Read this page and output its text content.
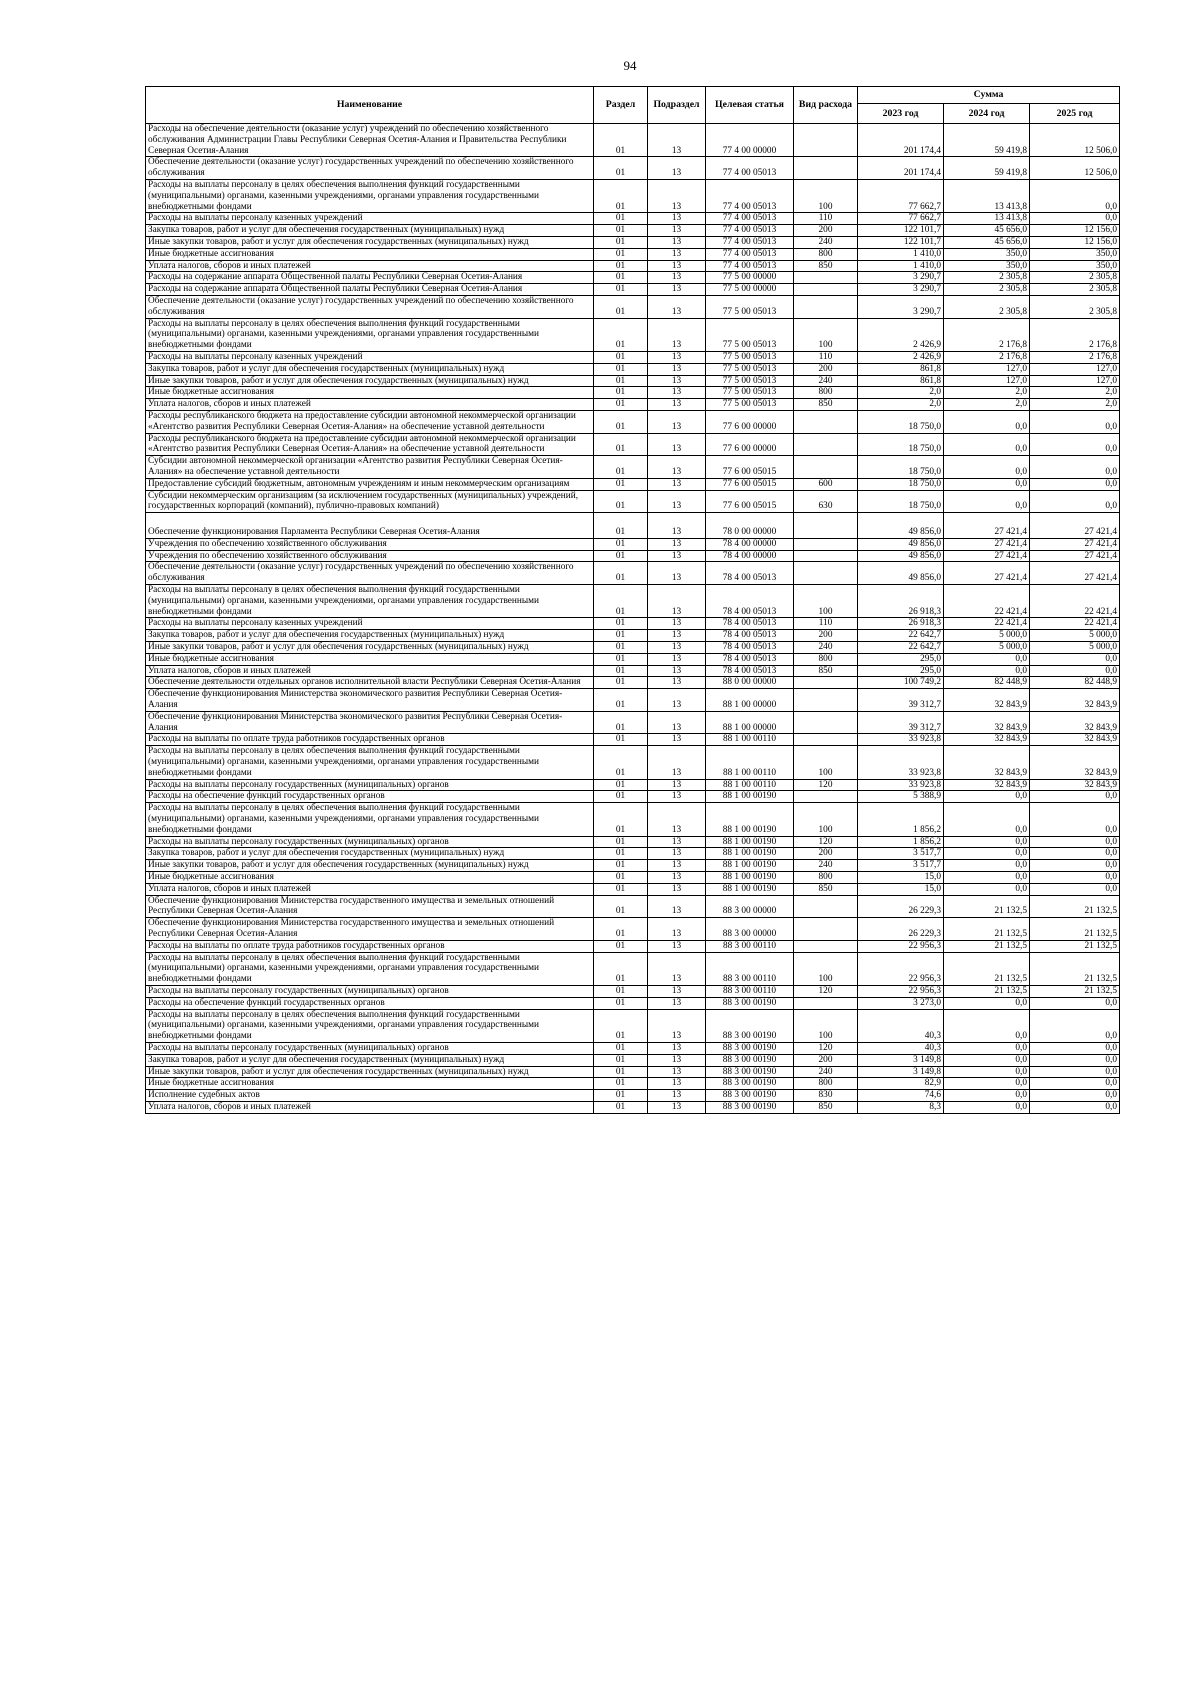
94
Наименование	Раздел	Подраздел	Целевая статья	Вид расхода	Сумма		
					2023 год	2024 год	2025 год
Расходы на обеспечение деятельности (оказание услуг) учреждений по обеспечению хозяйственного обслуживания Администрации Главы Республики Северная Осетия-Алания и Правительства Республики Северная Осетия-Алания	01	13	77 4 00 00000		201 174,4	59 419,8	12 506,0
Обеспечение деятельности (оказание услуг) государственных учреждений по обеспечению хозяйственного обслуживания	01	13	77 4 00 05013		201 174,4	59 419,8	12 506,0
Расходы на выплаты персоналу в целях обеспечения выполнения функций государственными (муниципальными) органами, казенными учреждениями, органами управления государственными внебюджетными фондами	01	13	77 4 00 05013	100	77 662,7	13 413,8	0,0
Расходы на выплаты персоналу казенных учреждений	01	13	77 4 00 05013	110	77 662,7	13 413,8	0,0
Закупка товаров, работ и услуг для обеспечения государственных (муниципальных) нужд	01	13	77 4 00 05013	200	122 101,7	45 656,0	12 156,0
Иные закупки товаров, работ и услуг для обеспечения государственных (муниципальных) нужд	01	13	77 4 00 05013	240	122 101,7	45 656,0	12 156,0
Иные бюджетные ассигнования	01	13	77 4 00 05013	800	1 410,0	350,0	350,0
Уплата налогов, сборов и иных платежей	01	13	77 4 00 05013	850	1 410,0	350,0	350,0
Расходы на содержание аппарата Общественной палаты Республики Северная Осетия-Алания	01	13	77 5 00 00000		3 290,7	2 305,8	2 305,8
Расходы на содержание аппарата Общественной палаты Республики Северная Осетия-Алания	01	13	77 5 00 00000		3 290,7	2 305,8	2 305,8
Обеспечение деятельности (оказание услуг) государственных учреждений по обеспечению хозяйственного обслуживания	01	13	77 5 00 05013		3 290,7	2 305,8	2 305,8
Расходы на выплаты персоналу в целях обеспечения выполнения функций государственными (муниципальными) органами, казенными учреждениями, органами управления государственными внебюджетными фондами	01	13	77 5 00 05013	100	2 426,9	2 176,8	2 176,8
Расходы на выплаты персоналу казенных учреждений	01	13	77 5 00 05013	110	2 426,9	2 176,8	2 176,8
Закупка товаров, работ и услуг для обеспечения государственных (муниципальных) нужд	01	13	77 5 00 05013	200	861,8	127,0	127,0
Иные закупки товаров, работ и услуг для обеспечения государственных (муниципальных) нужд	01	13	77 5 00 05013	240	861,8	127,0	127,0
Иные бюджетные ассигнования	01	13	77 5 00 05013	800	2,0	2,0	2,0
Уплата налогов, сборов и иных платежей	01	13	77 5 00 05013	850	2,0	2,0	2,0
Расходы республиканского бюджета на предоставление субсидии автономной некоммерческой организации «Агентство развития Республики Северная Осетия-Алания» на обеспечение уставной деятельности	01	13	77 6 00 00000		18 750,0	0,0	0,0
Расходы республиканского бюджета на предоставление субсидии автономной некоммерческой организации «Агентство развития Республики Северная Осетия-Алания» на обеспечение уставной деятельности	01	13	77 6 00 00000		18 750,0	0,0	0,0
Субсидии автономной некоммерческой организации «Агентство развития Республики Северная Осетия-Алания» на обеспечение уставной деятельности	01	13	77 6 00 05015		18 750,0	0,0	0,0
Предоставление субсидий бюджетным, автономным учреждениям и иным некоммерческим организациям	01	13	77 6 00 05015	600	18 750,0	0,0	0,0
Субсидии некоммерческим организациям (за исключением государственных (муниципальных) учреждений, государственных корпораций (компаний), публично-правовых компаний)	01	13	77 6 00 05015	630	18 750,0	0,0	0,0
Обеспечение функционирования Парламента Республики Северная Осетия-Алания	01	13	78 0 00 00000		49 856,0	27 421,4	27 421,4
Учреждения по обеспечению хозяйственного обслуживания	01	13	78 4 00 00000		49 856,0	27 421,4	27 421,4
Учреждения по обеспечению хозяйственного обслуживания	01	13	78 4 00 00000		49 856,0	27 421,4	27 421,4
Обеспечение деятельности (оказание услуг) государственных учреждений по обеспечению хозяйственного обслуживания	01	13	78 4 00 05013		49 856,0	27 421,4	27 421,4
Расходы на выплаты персоналу в целях обеспечения выполнения функций государственными (муниципальными) органами, казенными учреждениями, органами управления государственными внебюджетными фондами	01	13	78 4 00 05013	100	26 918,3	22 421,4	22 421,4
Расходы на выплаты персоналу казенных учреждений	01	13	78 4 00 05013	110	26 918,3	22 421,4	22 421,4
Закупка товаров, работ и услуг для обеспечения государственных (муниципальных) нужд	01	13	78 4 00 05013	200	22 642,7	5 000,0	5 000,0
Иные закупки товаров, работ и услуг для обеспечения государственных (муниципальных) нужд	01	13	78 4 00 05013	240	22 642,7	5 000,0	5 000,0
Иные бюджетные ассигнования	01	13	78 4 00 05013	800	295,0	0,0	0,0
Уплата налогов, сборов и иных платежей	01	13	78 4 00 05013	850	295,0	0,0	0,0
Обеспечение деятельности отдельных органов исполнительной власти Республики Северная Осетия-Алания	01	13	88 0 00 00000		100 749,2	82 448,9	82 448,9
Обеспечение функционирования Министерства экономического развития Республики Северная Осетия-Алания	01	13	88 1 00 00000		39 312,7	32 843,9	32 843,9
Обеспечение функционирования Министерства экономического развития Республики Северная Осетия-Алания	01	13	88 1 00 00000		39 312,7	32 843,9	32 843,9
Расходы на выплаты по оплате труда работников государственных органов	01	13	88 1 00 00110		33 923,8	32 843,9	32 843,9
Расходы на выплаты персоналу в целях обеспечения выполнения функций государственными (муниципальными) органами, казенными учреждениями, органами управления государственными внебюджетными фондами	01	13	88 1 00 00110	100	33 923,8	32 843,9	32 843,9
Расходы на выплаты персоналу государственных (муниципальных) органов	01	13	88 1 00 00110	120	33 923,8	32 843,9	32 843,9
Расходы на обеспечение функций государственных органов	01	13	88 1 00 00190		5 388,9	0,0	0,0
Расходы на выплаты персоналу в целях обеспечения выполнения функций государственными (муниципальными) органами, казенными учреждениями, органами управления государственными внебюджетными фондами	01	13	88 1 00 00190	100	1 856,2	0,0	0,0
Расходы на выплаты персоналу государственных (муниципальных) органов	01	13	88 1 00 00190	120	1 856,2	0,0	0,0
Закупка товаров, работ и услуг для обеспечения государственных (муниципальных) нужд	01	13	88 1 00 00190	200	3 517,7	0,0	0,0
Иные закупки товаров, работ и услуг для обеспечения государственных (муниципальных) нужд	01	13	88 1 00 00190	240	3 517,7	0,0	0,0
Иные бюджетные ассигнования	01	13	88 1 00 00190	800	15,0	0,0	0,0
Уплата налогов, сборов и иных платежей	01	13	88 1 00 00190	850	15,0	0,0	0,0
Обеспечение функционирования Министерства государственного имущества и земельных отношений Республики Северная Осетия-Алания	01	13	88 3 00 00000		26 229,3	21 132,5	21 132,5
Обеспечение функционирования Министерства государственного имущества и земельных отношений Республики Северная Осетия-Алания	01	13	88 3 00 00000		26 229,3	21 132,5	21 132,5
Расходы на выплаты по оплате труда работников государственных органов	01	13	88 3 00 00110		22 956,3	21 132,5	21 132,5
Расходы на выплаты персоналу в целях обеспечения выполнения функций государственными (муниципальными) органами, казенными учреждениями, органами управления государственными внебюджетными фондами	01	13	88 3 00 00110	100	22 956,3	21 132,5	21 132,5
Расходы на выплаты персоналу государственных (муниципальных) органов	01	13	88 3 00 00110	120	22 956,3	21 132,5	21 132,5
Расходы на обеспечение функций государственных органов	01	13	88 3 00 00190		3 273,0	0,0	0,0
Расходы на выплаты персоналу в целях обеспечения выполнения функций государственными (муниципальными) органами, казенными учреждениями, органами управления государственными внебюджетными фондами	01	13	88 3 00 00190	100	40,3	0,0	0,0
Расходы на выплаты персоналу государственных (муниципальных) органов	01	13	88 3 00 00190	120	40,3	0,0	0,0
Закупка товаров, работ и услуг для обеспечения государственных (муниципальных) нужд	01	13	88 3 00 00190	200	3 149,8	0,0	0,0
Иные закупки товаров, работ и услуг для обеспечения государственных (муниципальных) нужд	01	13	88 3 00 00190	240	3 149,8	0,0	0,0
Иные бюджетные ассигнования	01	13	88 3 00 00190	800	82,9	0,0	0,0
Исполнение судебных актов	01	13	88 3 00 00190	830	74,6	0,0	0,0
Уплата налогов, сборов и иных платежей	01	13	88 3 00 00190	850	8,3	0,0	0,0
